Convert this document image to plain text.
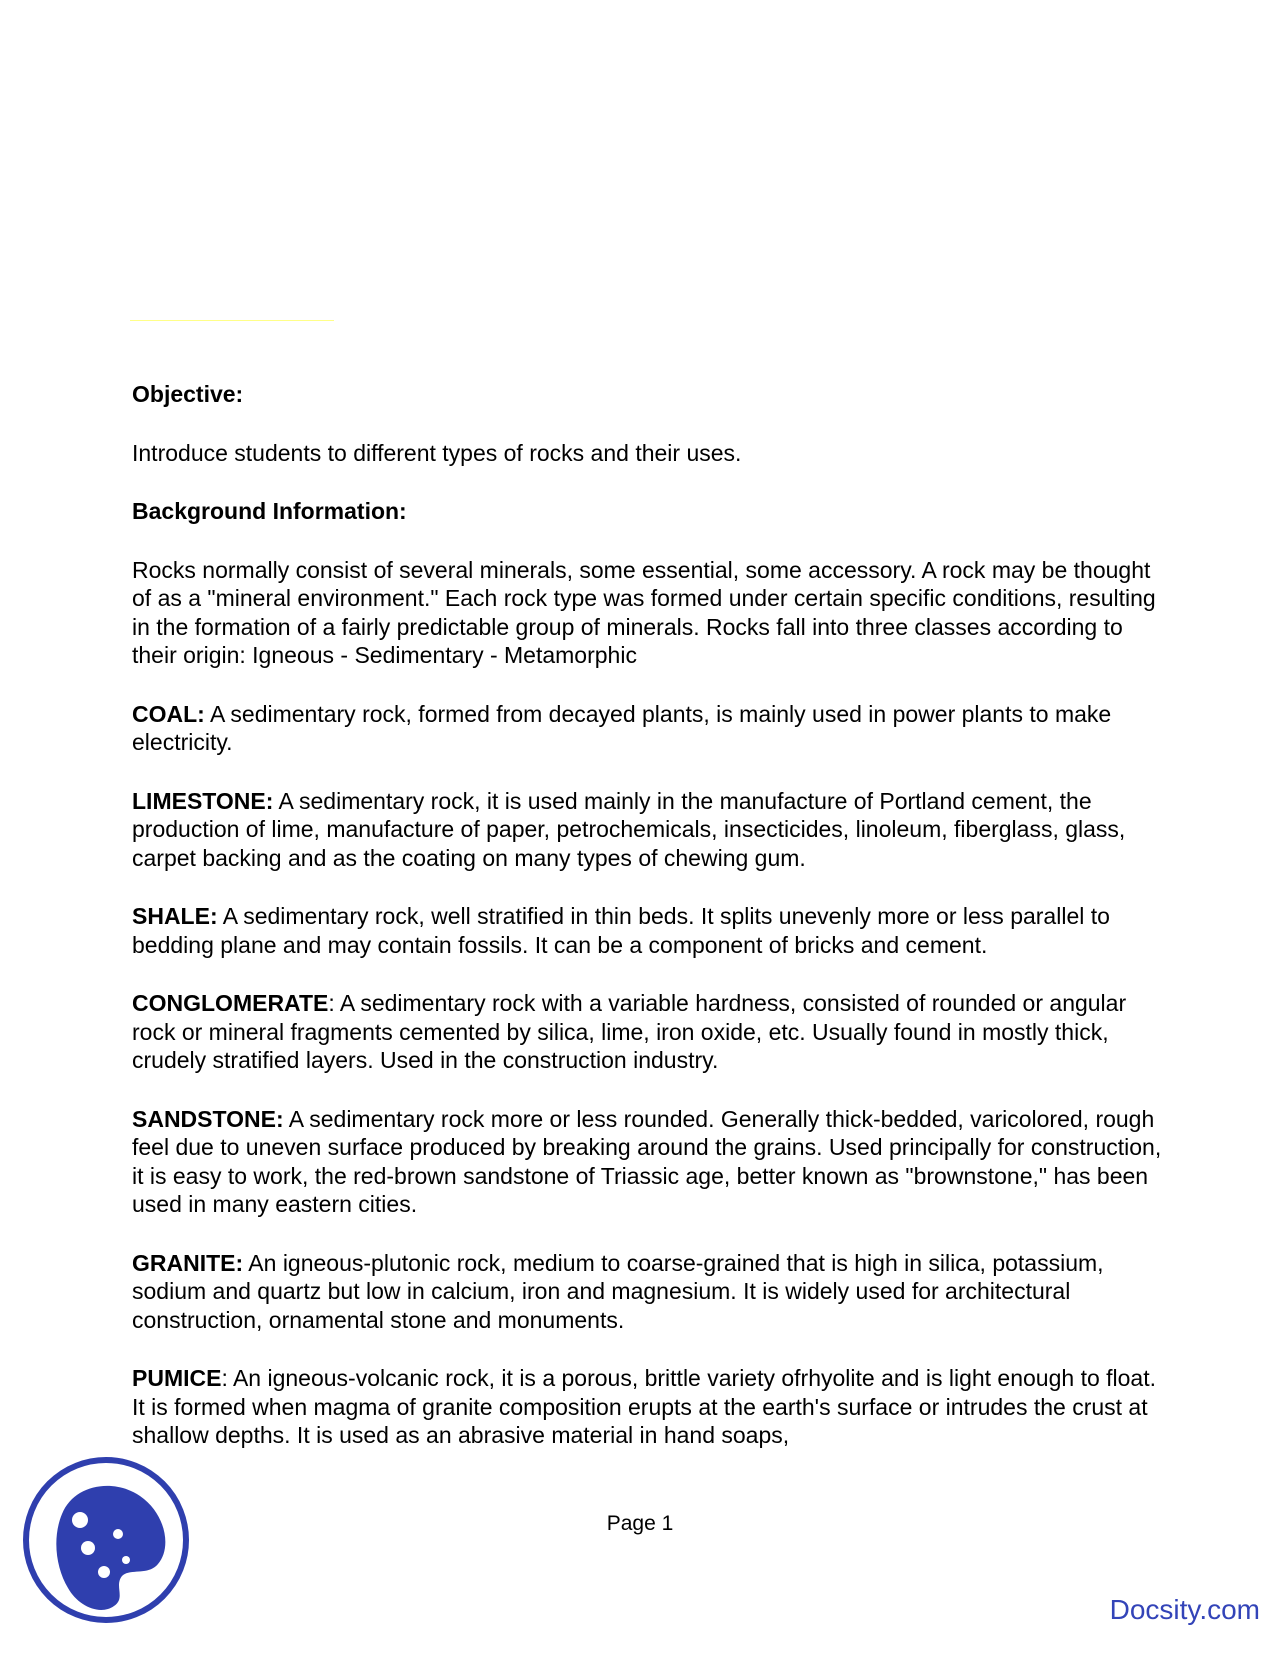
Objective:

Introduce students to different types of rocks and their uses.

Background Information:

Rocks normally consist of several minerals, some essential, some accessory. A rock may be thought of as a "mineral environment." Each rock type was formed under certain specific conditions, resulting in the formation of a fairly predictable group of minerals. Rocks fall into three classes according to their origin: Igneous - Sedimentary - Metamorphic

COAL: A sedimentary rock, formed from decayed plants, is mainly used in power plants to make electricity.

LIMESTONE: A sedimentary rock, it is used mainly in the manufacture of Portland cement, the production of lime, manufacture of paper, petrochemicals, insecticides, linoleum, fiberglass, glass, carpet backing and as the coating on many types of chewing gum.

SHALE: A sedimentary rock, well stratified in thin beds. It splits unevenly more or less parallel to bedding plane and may contain fossils. It can be a component of bricks and cement.

CONGLOMERATE: A sedimentary rock with a variable hardness, consisted of rounded or angular rock or mineral fragments cemented by silica, lime, iron oxide, etc. Usually found in mostly thick, crudely stratified layers. Used in the construction industry.

SANDSTONE: A sedimentary rock more or less rounded. Generally thick-bedded, varicolored, rough feel due to uneven surface produced by breaking around the grains. Used principally for construction, it is easy to work, the red-brown sandstone of Triassic age, better known as "brownstone," has been used in many eastern cities.

GRANITE: An igneous-plutonic rock, medium to coarse-grained that is high in silica, potassium, sodium and quartz but low in calcium, iron and magnesium. It is widely used for architectural construction, ornamental stone and monuments.

PUMICE: An igneous-volcanic rock, it is a porous, brittle variety ofrhyolite and is light enough to float. It is formed when magma of granite composition erupts at the earth's surface or intrudes the crust at shallow depths. It is used as an abrasive material in hand soaps,

Page 1
Docsity.com
